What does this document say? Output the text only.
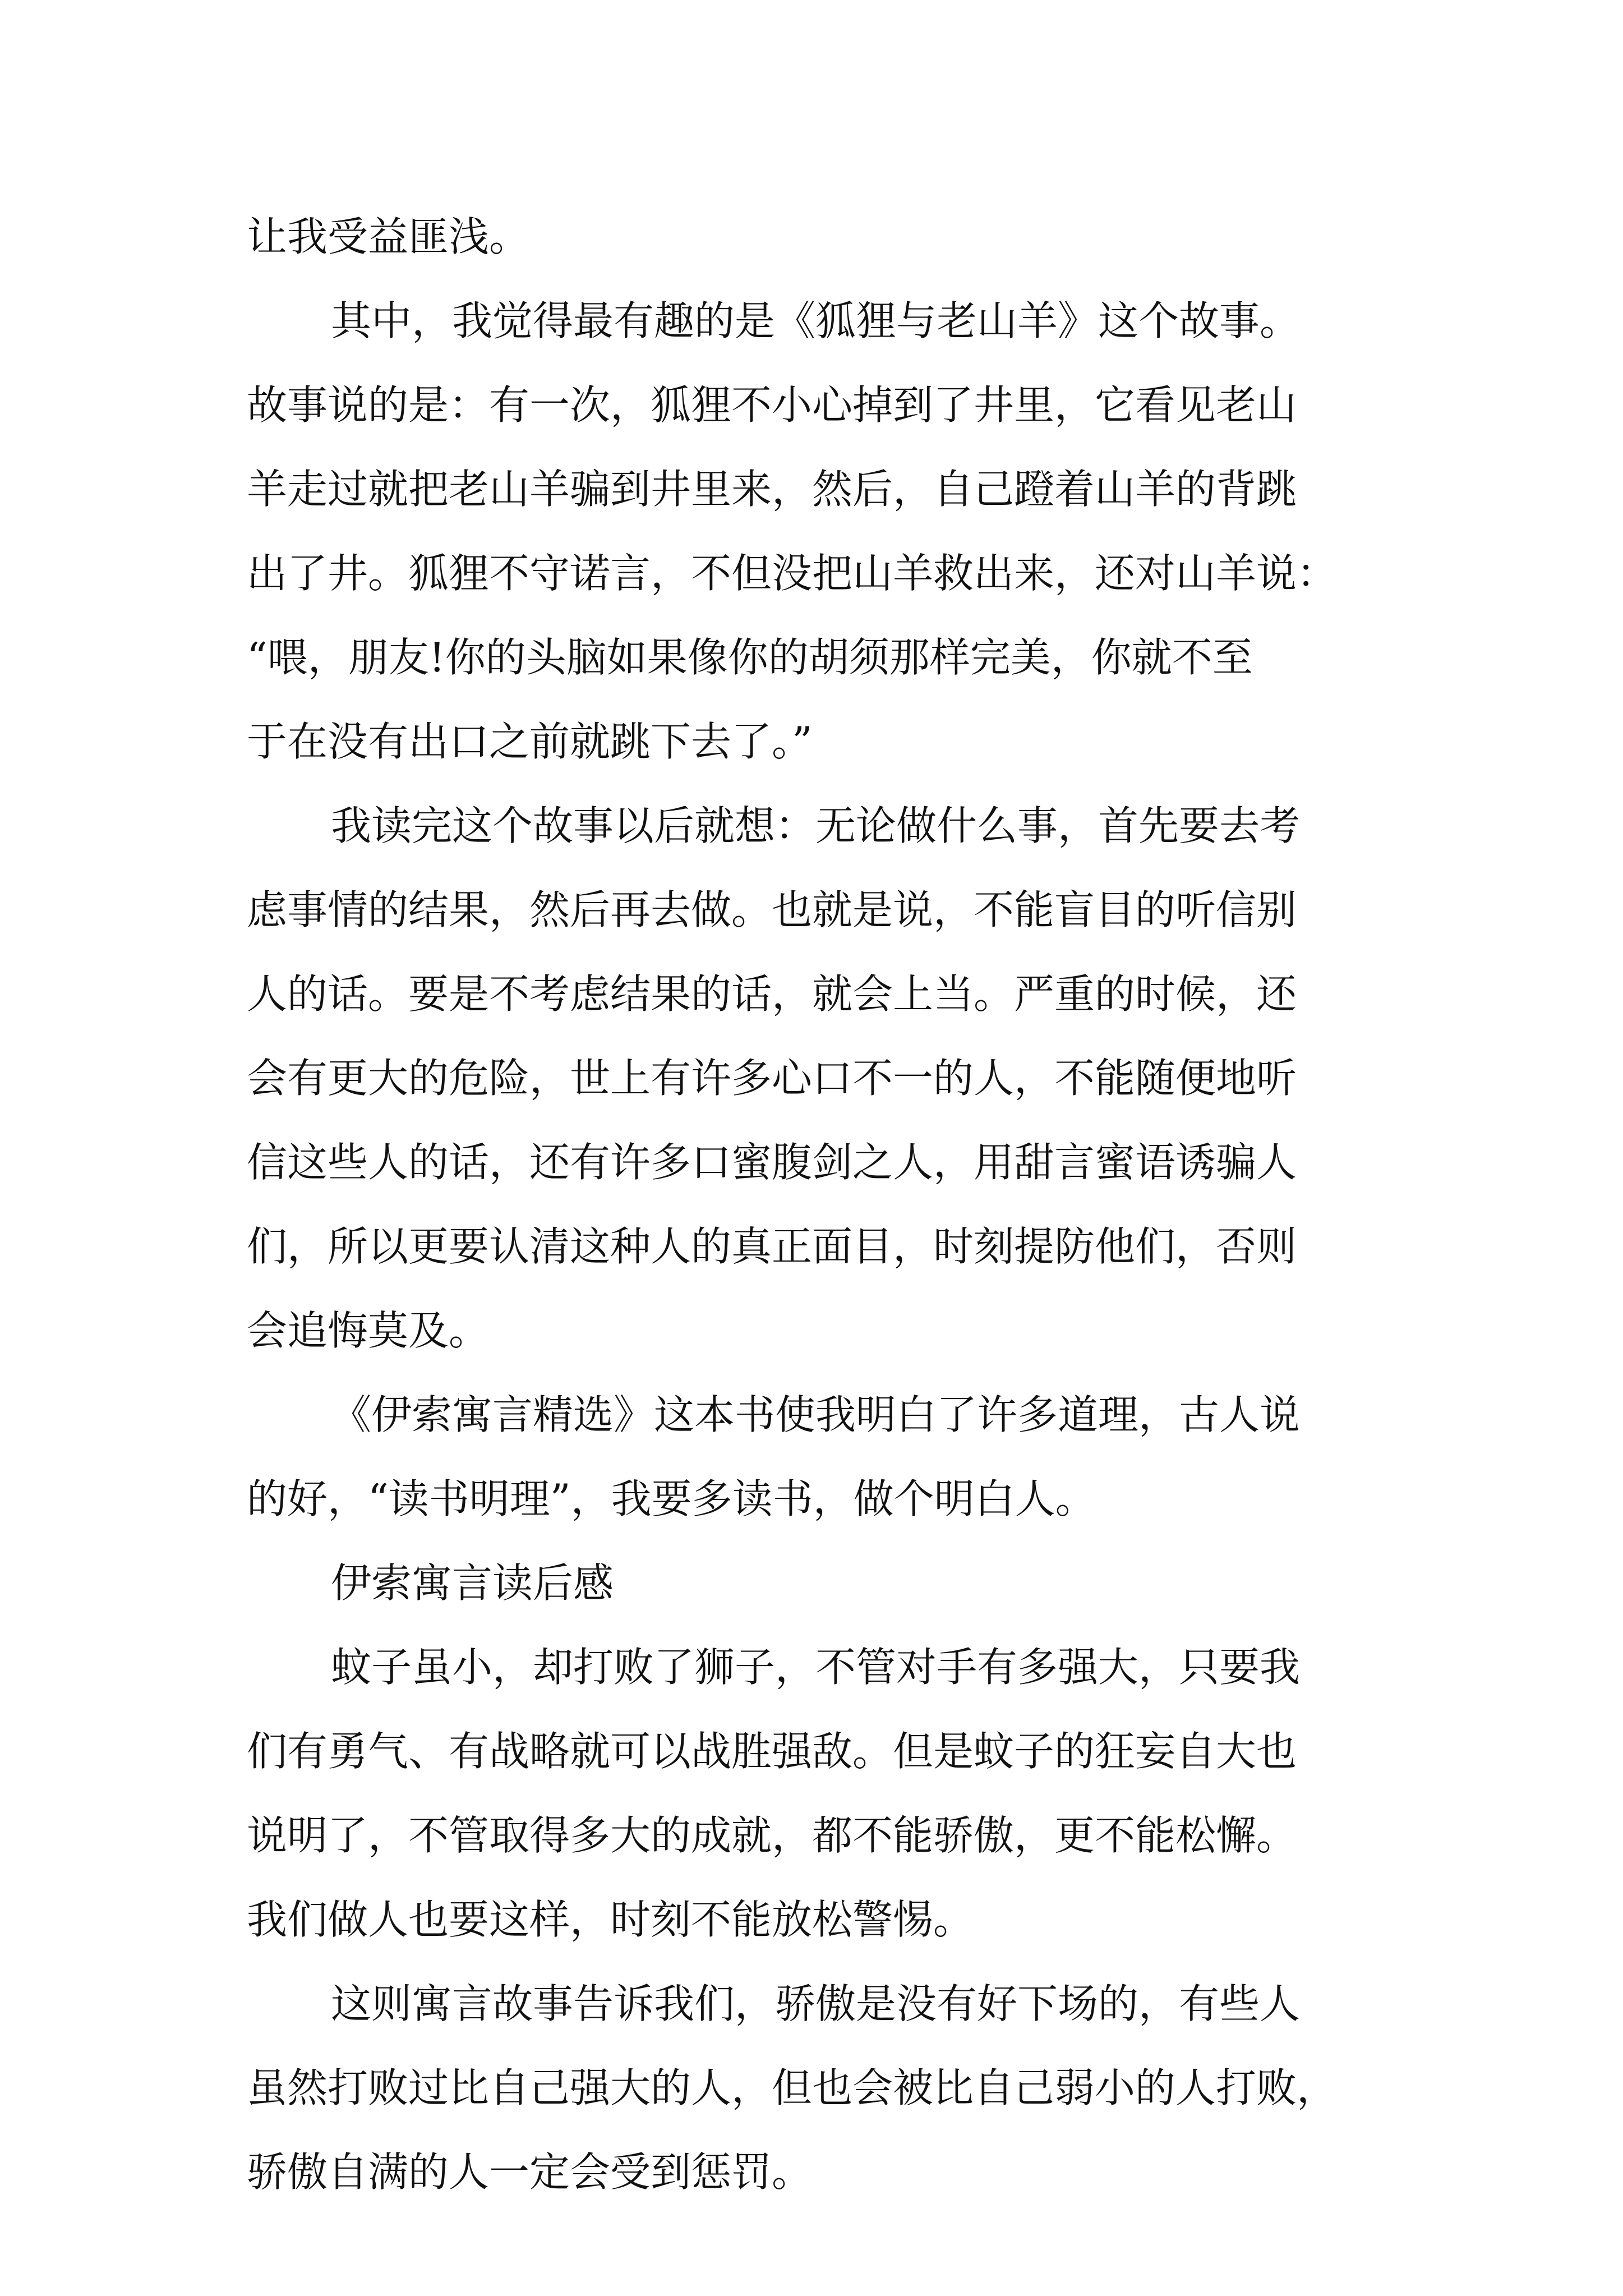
让我受益匪浅。
其中，我觉得最有趣的是《狐狸与老山羊》这个故事。
故事说的是：有一次，狐狸不小心掉到了井里，它看见老山
羊走过就把老山羊骗到井里来，然后，自己蹬着山羊的背跳
出了井。狐狸不守诺言，不但没把山羊救出来，还对山羊说：
“喂，朋友!你的头脑如果像你的胡须那样完美，你就不至
于在没有出口之前就跳下去了。”
我读完这个故事以后就想：无论做什么事，首先要去考
虑事情的结果，然后再去做。也就是说，不能盲目的听信别
人的话。要是不考虑结果的话，就会上当。严重的时候，还
会有更大的危险，世上有许多心口不一的人，不能随便地听
信这些人的话，还有许多口蜜腹剑之人，用甜言蜜语诱骗人
们，所以更要认清这种人的真正面目，时刻提防他们，否则
会追悔莫及。
《伊索寓言精选》这本书使我明白了许多道理，古人说
的好，“读书明理”，我要多读书，做个明白人。
伊索寓言读后感
蚊子虽小，却打败了狮子，不管对手有多强大，只要我
们有勇气、有战略就可以战胜强敌。但是蚊子的狂妄自大也
说明了，不管取得多大的成就，都不能骄傲，更不能松懈。
我们做人也要这样，时刻不能放松警惕。
这则寓言故事告诉我们，骄傲是没有好下场的，有些人
虽然打败过比自己强大的人，但也会被比自己弱小的人打败，
骄傲自满的人一定会受到惩罚。
